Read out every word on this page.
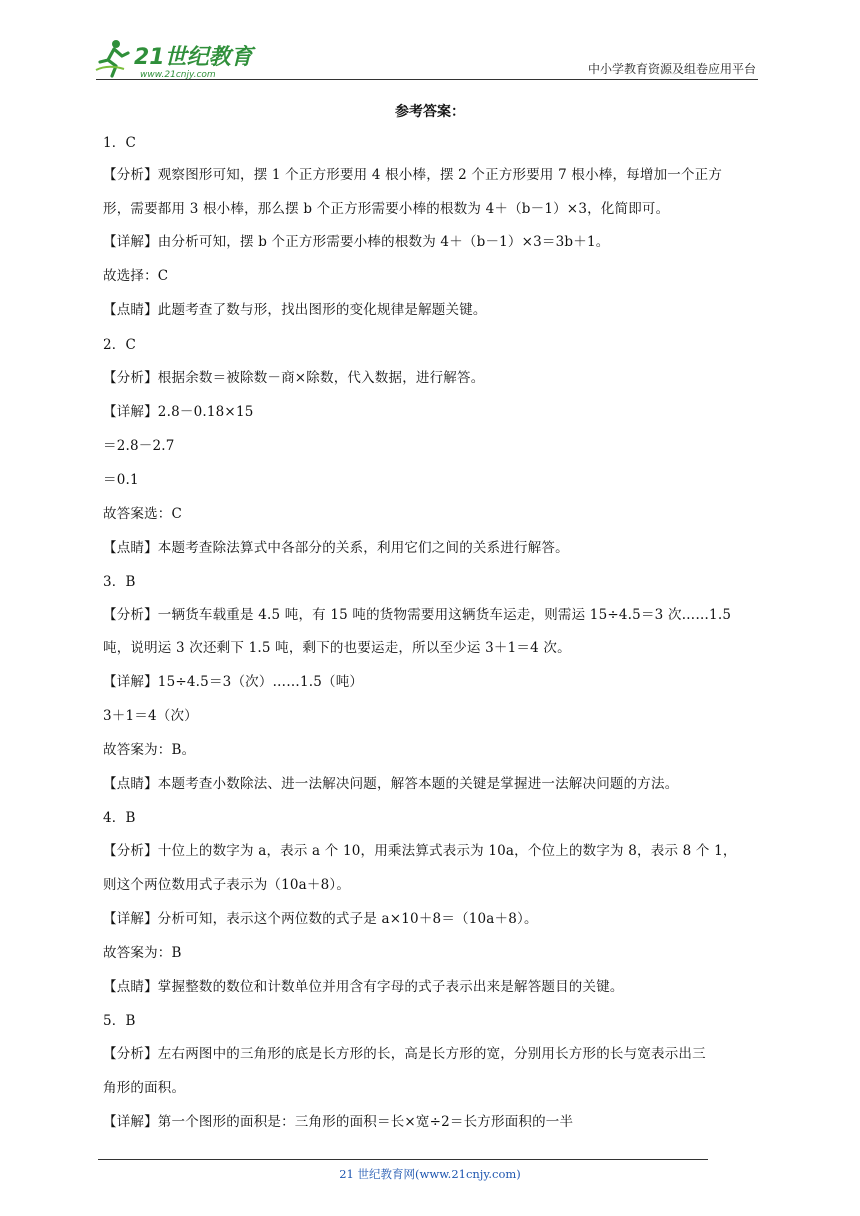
21世纪教育
www.21cnjy.com	中小学教育资源及组卷应用平台
参考答案：
1．C
【分析】观察图形可知，摆 1 个正方形要用 4 根小棒，摆 2 个正方形要用 7 根小棒，每增加一个正方
形，需要都用 3 根小棒，那么摆 b 个正方形需要小棒的根数为 4＋（b－1）×3，化简即可。
【详解】由分析可知，摆 b 个正方形需要小棒的根数为 4＋（b－1）×3＝3b＋1。
故选择：C
【点睛】此题考查了数与形，找出图形的变化规律是解题关键。
2．C
【分析】根据余数＝被除数－商×除数，代入数据，进行解答。
【详解】2.8－0.18×15
＝2.8－2.7
＝0.1
故答案选：C
【点睛】本题考查除法算式中各部分的关系，利用它们之间的关系进行解答。
3．B
【分析】一辆货车载重是 4.5 吨，有 15 吨的货物需要用这辆货车运走，则需运 15÷4.5＝3 次……1.5
吨，说明运 3 次还剩下 1.5 吨，剩下的也要运走，所以至少运 3＋1＝4 次。
【详解】15÷4.5＝3（次）……1.5（吨）
3＋1＝4（次）
故答案为：B。
【点睛】本题考查小数除法、进一法解决问题，解答本题的关键是掌握进一法解决问题的方法。
4．B
【分析】十位上的数字为 a，表示 a 个 10，用乘法算式表示为 10a，个位上的数字为 8，表示 8 个 1，
则这个两位数用式子表示为（10a＋8）。
【详解】分析可知，表示这个两位数的式子是 a×10＋8＝（10a＋8）。
故答案为：B
【点睛】掌握整数的数位和计数单位并用含有字母的式子表示出来是解答题目的关键。
5．B
【分析】左右两图中的三角形的底是长方形的长，高是长方形的宽，分别用长方形的长与宽表示出三
角形的面积。
【详解】第一个图形的面积是：三角形的面积＝长×宽÷2＝长方形面积的一半
21 世纪教育网(www.21cnjy.com)
